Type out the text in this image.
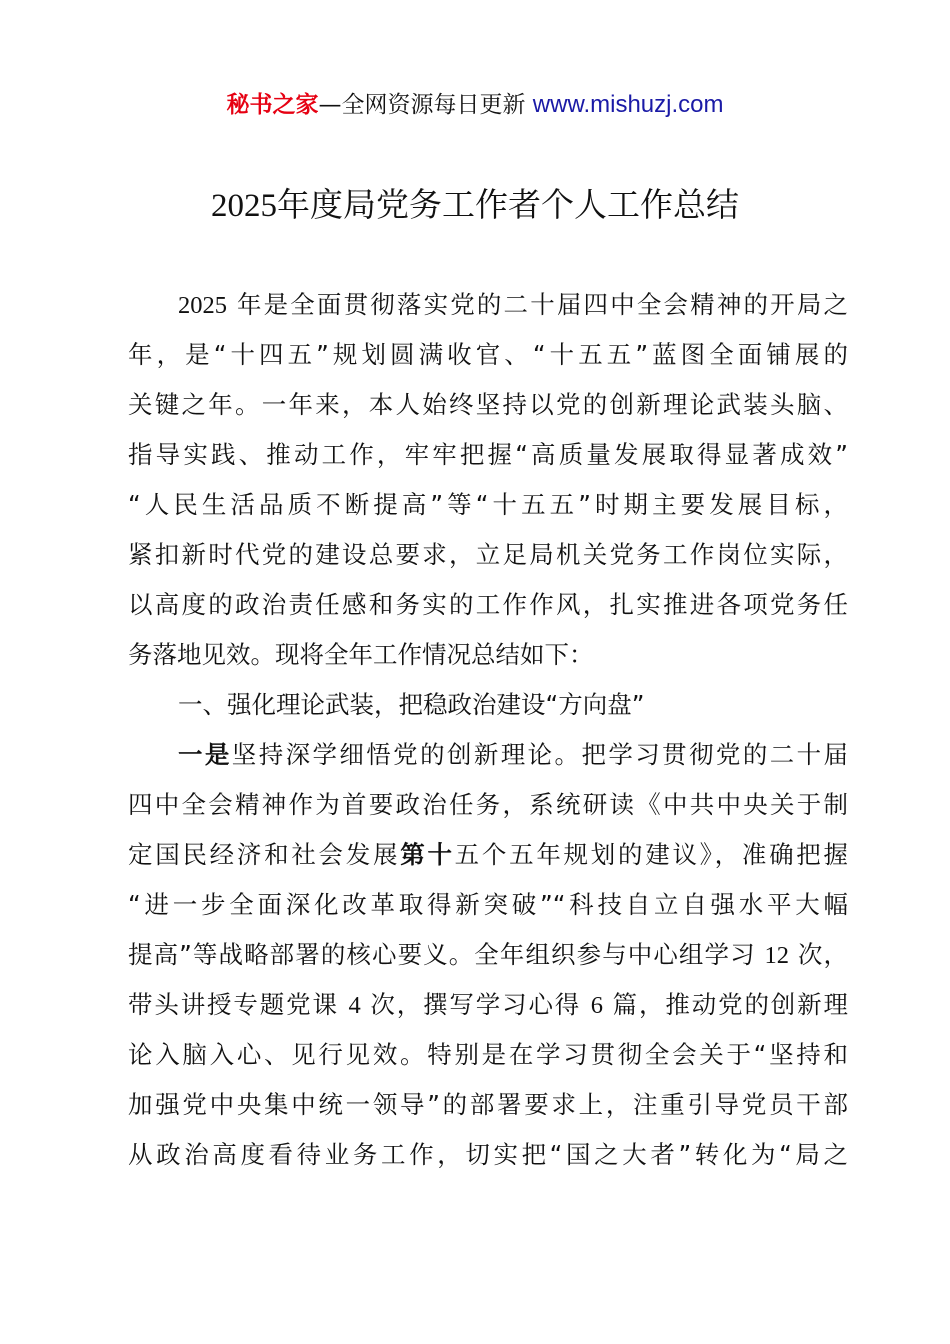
秘书之家—全网资源每日更新 www.mishuzj.com
2025年度局党务工作者个人工作总结
2025 年是全面贯彻落实党的二十届四中全会精神的开局之
年，是“十四五”规划圆满收官、“十五五”蓝图全面铺展的
关键之年。一年来，本人始终坚持以党的创新理论武装头脑、
指导实践、推动工作，牢牢把握“高质量发展取得显著成效”
“人民生活品质不断提高”等“十五五”时期主要发展目标，
紧扣新时代党的建设总要求，立足局机关党务工作岗位实际，
以高度的政治责任感和务实的工作作风，扎实推进各项党务任
务落地见效。现将全年工作情况总结如下：
一、强化理论武装，把稳政治建设“方向盘”
一是坚持深学细悟党的创新理论。把学习贯彻党的二十届
四中全会精神作为首要政治任务，系统研读《中共中央关于制
定国民经济和社会发展第十五个五年规划的建议》，准确把握
“进一步全面深化改革取得新突破”“科技自立自强水平大幅
提高”等战略部署的核心要义。全年组织参与中心组学习 12 次，
带头讲授专题党课 4 次，撰写学习心得 6 篇，推动党的创新理
论入脑入心、见行见效。特别是在学习贯彻全会关于“坚持和
加强党中央集中统一领导”的部署要求上，注重引导党员干部
从政治高度看待业务工作，切实把“国之大者”转化为“局之
